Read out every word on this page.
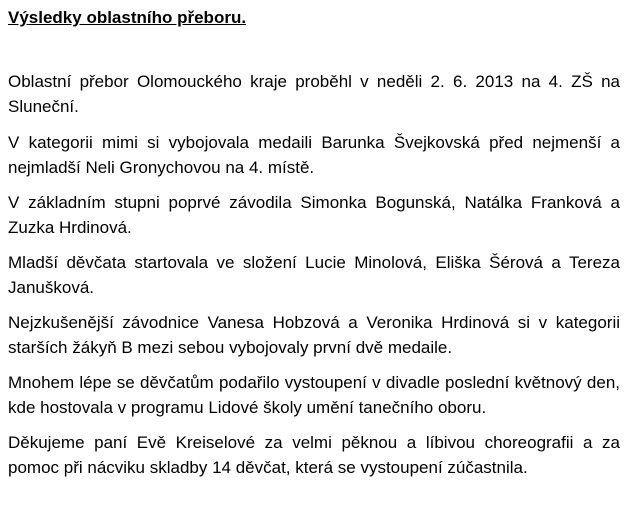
Výsledky oblastního přeboru.

Oblastní přebor Olomouckého kraje proběhl v neděli 2. 6. 2013 na 4. ZŠ na Sluneční.

V kategorii mimi si vybojovala medaili Barunka Švejkovská před nejmenší a nejmladší Neli Gronychovou na 4. místě.

V základním stupni poprvé závodila Simonka Bogunská, Natálka Franková a Zuzka Hrdinová.

Mladší děvčata startovala ve složení Lucie Minolová, Eliška Šérová a Tereza Janušková.

Nejzkušenější závodnice Vanesa Hobzová a Veronika Hrdinová si v kategorii starších žákyň B mezi sebou vybojovaly první dvě medaile.

Mnohem lépe se děvčatům podařilo vystoupení v divadle poslední květnový den, kde hostovala v programu Lidové školy umění tanečního oboru.

Děkujeme paní Evě Kreiselové za velmi pěknou a líbivou choreografii a za pomoc při nácviku skladby 14 děvčat, která se vystoupení zúčastnila.
